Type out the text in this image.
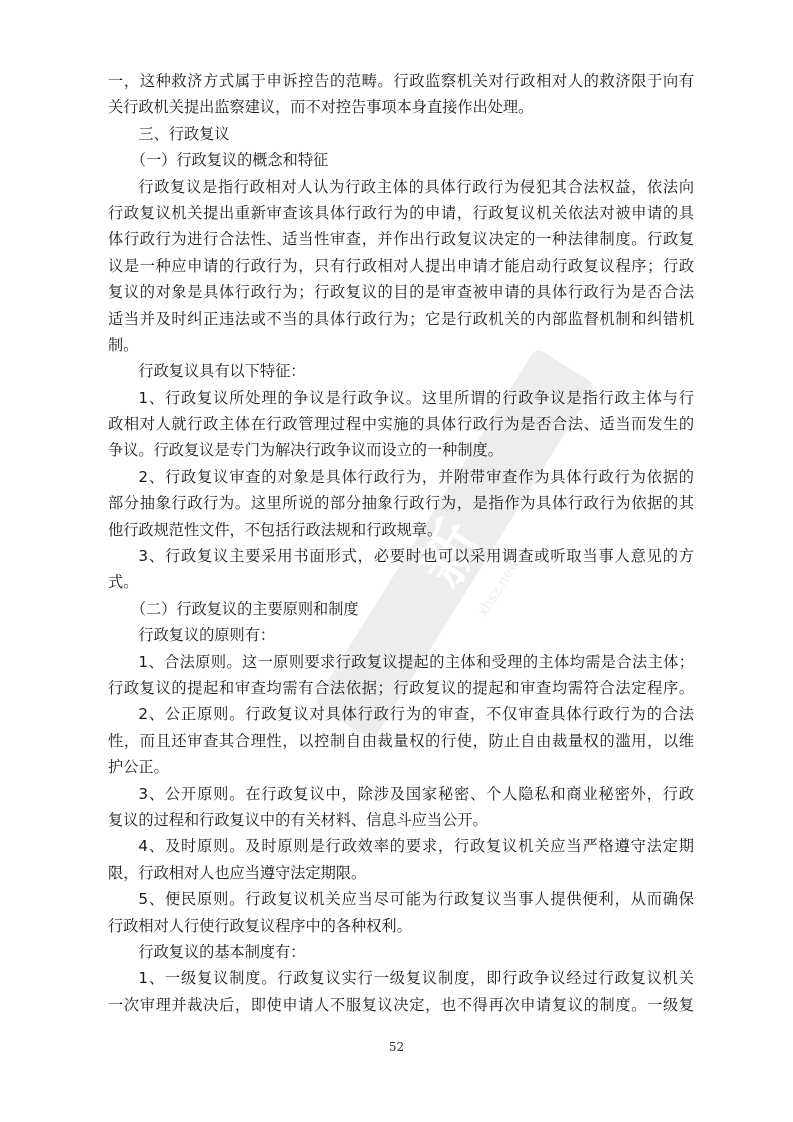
新
xhsz.news
一，这种救济方式属于申诉控告的范畴。行政监察机关对行政相对人的救济限于向有
关行政机关提出监察建议，而不对控告事项本身直接作出处理。
三、行政复议
（一）行政复议的概念和特征
行政复议是指行政相对人认为行政主体的具体行政行为侵犯其合法权益，依法向
行政复议机关提出重新审查该具体行政行为的申请，行政复议机关依法对被申请的具
体行政行为进行合法性、适当性审查，并作出行政复议决定的一种法律制度。行政复
议是一种应申请的行政行为，只有行政相对人提出申请才能启动行政复议程序；行政
复议的对象是具体行政行为；行政复议的目的是审查被申请的具体行政行为是否合法
适当并及时纠正违法或不当的具体行政行为；它是行政机关的内部监督机制和纠错机
制。
行政复议具有以下特征：
1、行政复议所处理的争议是行政争议。这里所谓的行政争议是指行政主体与行
政相对人就行政主体在行政管理过程中实施的具体行政行为是否合法、适当而发生的
争议。行政复议是专门为解决行政争议而设立的一种制度。
2、行政复议审查的对象是具体行政行为，并附带审查作为具体行政行为依据的
部分抽象行政行为。这里所说的部分抽象行政行为，是指作为具体行政行为依据的其
他行政规范性文件，不包括行政法规和行政规章。
3、行政复议主要采用书面形式，必要时也可以采用调查或听取当事人意见的方
式。
（二）行政复议的主要原则和制度
行政复议的原则有：
1、合法原则。这一原则要求行政复议提起的主体和受理的主体均需是合法主体；
行政复议的提起和审查均需有合法依据；行政复议的提起和审查均需符合法定程序。
2、公正原则。行政复议对具体行政行为的审查，不仅审查具体行政行为的合法
性，而且还审查其合理性，以控制自由裁量权的行使，防止自由裁量权的滥用，以维
护公正。
3、公开原则。在行政复议中，除涉及国家秘密、个人隐私和商业秘密外，行政
复议的过程和行政复议中的有关材料、信息斗应当公开。
4、及时原则。及时原则是行政效率的要求，行政复议机关应当严格遵守法定期
限，行政相对人也应当遵守法定期限。
5、便民原则。行政复议机关应当尽可能为行政复议当事人提供便利，从而确保
行政相对人行使行政复议程序中的各种权利。
行政复议的基本制度有：
1、一级复议制度。行政复议实行一级复议制度，即行政争议经过行政复议机关
一次审理并裁决后，即使申请人不服复议决定，也不得再次申请复议的制度。一级复
52
